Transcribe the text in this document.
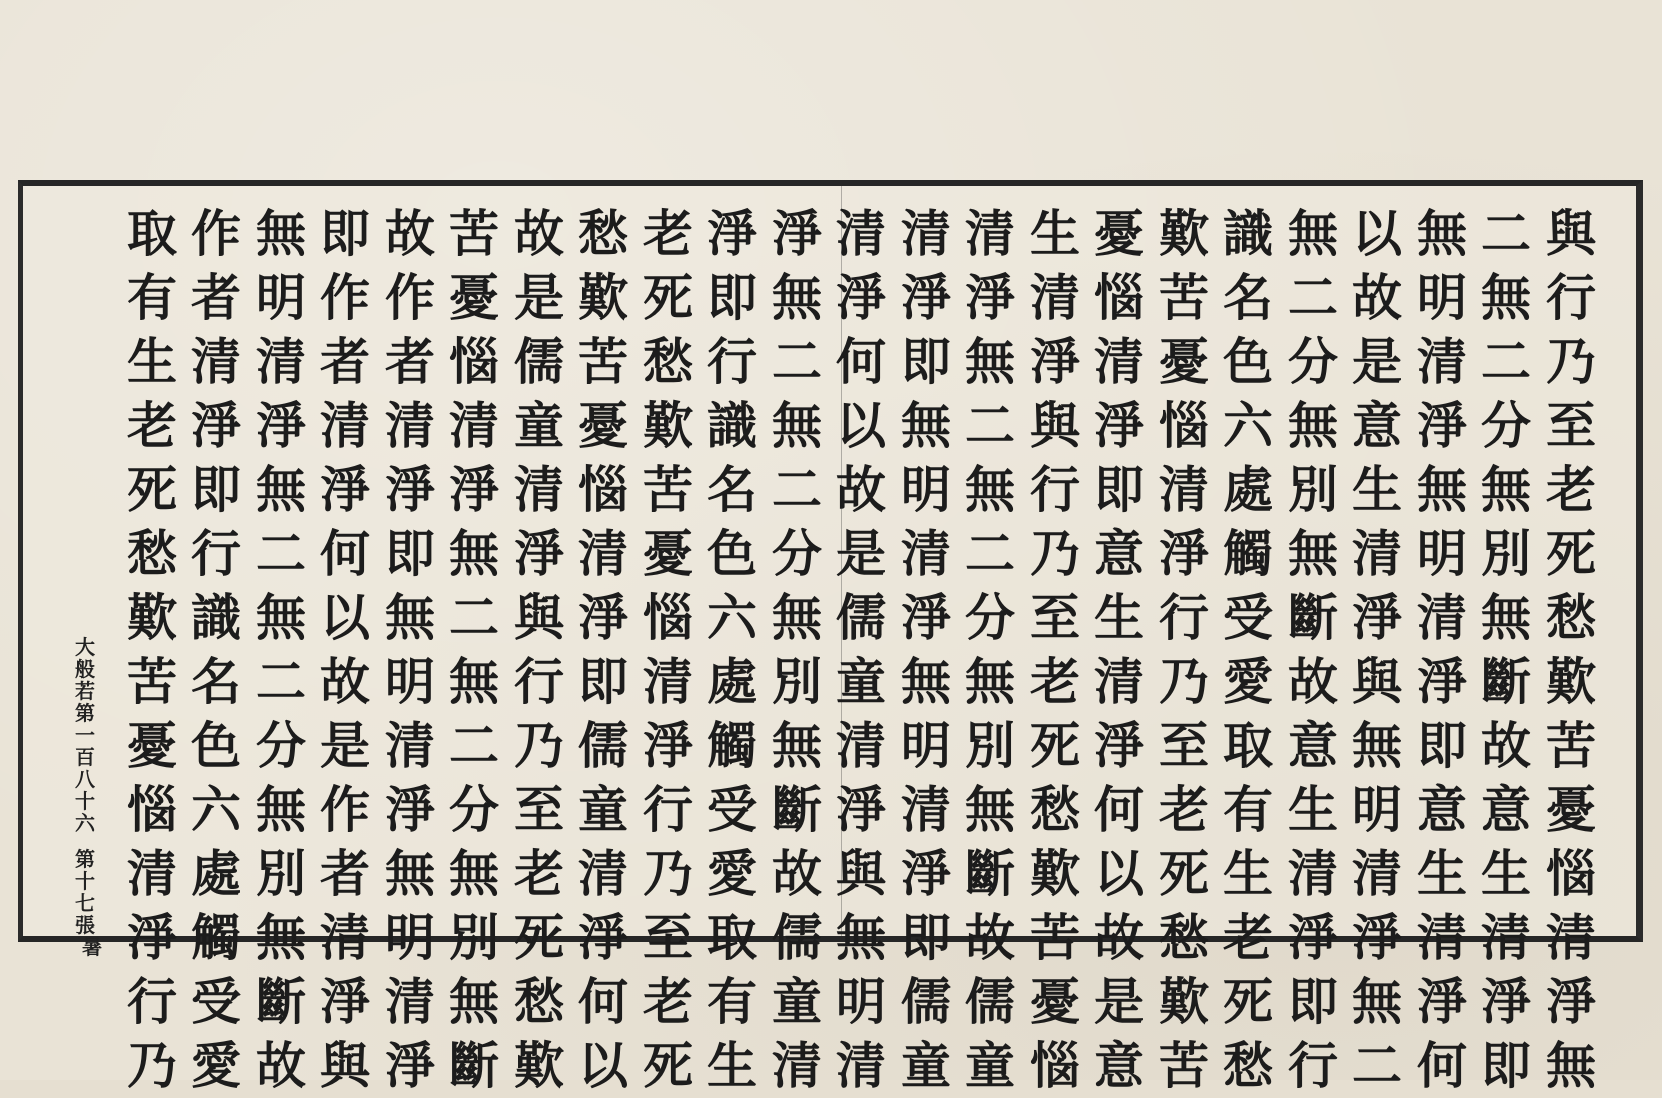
與
行
乃
至
老
死
愁
歎
苦
憂
惱
清
淨
無
二
無
二
分
無
別
無
斷
故
意
生
清
淨
即
無
明
清
淨
無
明
清
淨
即
意
生
清
淨
何
以
故
是
意
生
清
淨
與
無
明
清
淨
無
二
無
二
分
無
別
無
斷
故
意
生
清
淨
即
行
識
名
色
六
處
觸
受
愛
取
有
生
老
死
愁
歎
苦
憂
惱
清
淨
行
乃
至
老
死
愁
歎
苦
憂
惱
清
淨
即
意
生
清
淨
何
以
故
是
意
生
清
淨
與
行
乃
至
老
死
愁
歎
苦
憂
惱
清
淨
無
二
無
二
分
無
別
無
斷
故
儒
童
清
淨
即
無
明
清
淨
無
明
清
淨
即
儒
童
清
淨
何
以
故
是
儒
童
清
淨
與
無
明
清
淨
無
二
無
二
分
無
別
無
斷
故
儒
童
清
淨
即
行
識
名
色
六
處
觸
受
愛
取
有
生
老
死
愁
歎
苦
憂
惱
清
淨
行
乃
至
老
死
愁
歎
苦
憂
惱
清
淨
即
儒
童
清
淨
何
以
故
是
儒
童
清
淨
與
行
乃
至
老
死
愁
歎
苦
憂
惱
清
淨
無
二
無
二
分
無
別
無
斷
故
作
者
清
淨
即
無
明
清
淨
無
明
清
淨
即
作
者
清
淨
何
以
故
是
作
者
清
淨
與
無
明
清
淨
無
二
無
二
分
無
別
無
斷
故
作
者
清
淨
即
行
識
名
色
六
處
觸
受
愛
取
有
生
老
死
愁
歎
苦
憂
惱
清
淨
行
乃
大般若第一百八十六
第十七張
暑
